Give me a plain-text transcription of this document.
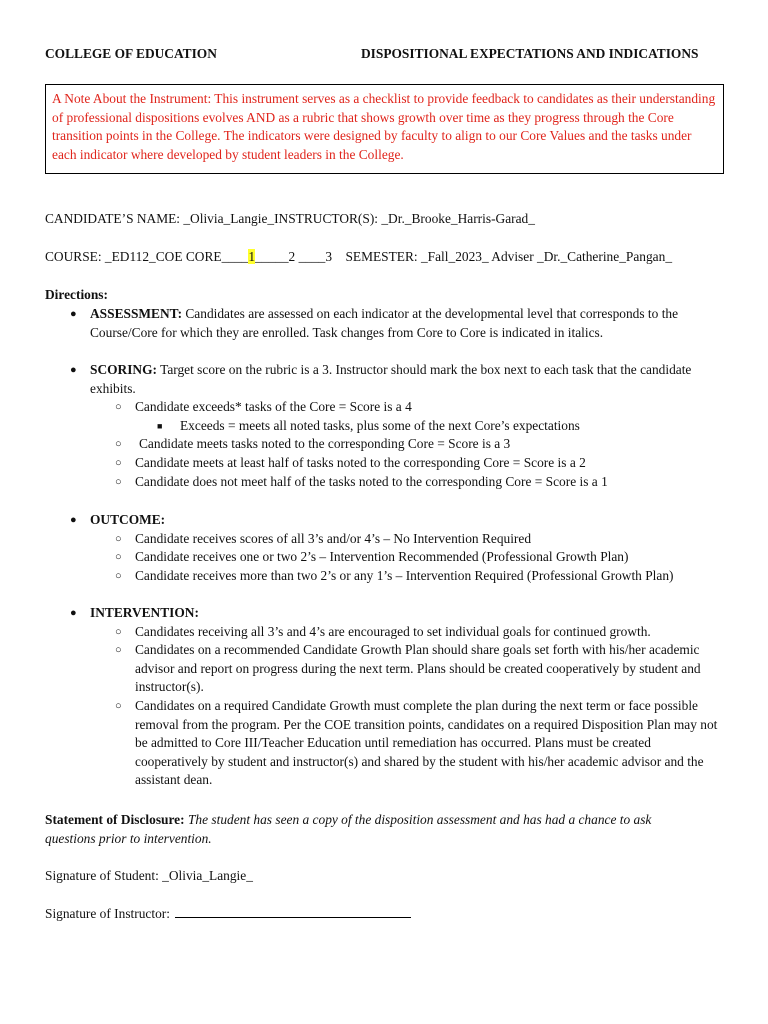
COLLEGE OF EDUCATION	DISPOSITIONAL EXPECTATIONS AND INDICATIONS
A Note About the Instrument: This instrument serves as a checklist to provide feedback to candidates as their understanding of professional dispositions evolves AND as a rubric that shows growth over time as they progress through the Core transition points in the College. The indicators were designed by faculty to align to our Core Values and the tasks under each indicator where developed by student leaders in the College.
CANDIDATE’S NAME: _Olivia_Langie_INSTRUCTOR(S): _Dr._Brooke_Harris-Garad_
COURSE: _ED112_COE CORE____1_____2 ____3    SEMESTER: _Fall_2023_ Adviser _Dr._Catherine_Pangan_
Directions:
● ASSESSMENT: Candidates are assessed on each indicator at the developmental level that corresponds to the Course/Core for which they are enrolled. Task changes from Core to Core is indicated in italics.
● SCORING: Target score on the rubric is a 3. Instructor should mark the box next to each task that the candidate exhibits.
○ Candidate exceeds* tasks of the Core = Score is a 4
■ Exceeds = meets all noted tasks, plus some of the next Core’s expectations
○ Candidate meets tasks noted to the corresponding Core = Score is a 3
○ Candidate meets at least half of tasks noted to the corresponding Core = Score is a 2
○ Candidate does not meet half of the tasks noted to the corresponding Core = Score is a 1
● OUTCOME:
○ Candidate receives scores of all 3’s and/or 4’s – No Intervention Required
○ Candidate receives one or two 2’s – Intervention Recommended (Professional Growth Plan)
○ Candidate receives more than two 2’s or any 1’s – Intervention Required (Professional Growth Plan)
● INTERVENTION:
○ Candidates receiving all 3’s and 4’s are encouraged to set individual goals for continued growth.
○ Candidates on a recommended Candidate Growth Plan should share goals set forth with his/her academic advisor and report on progress during the next term. Plans should be created cooperatively by student and instructor(s).
○ Candidates on a required Candidate Growth must complete the plan during the next term or face possible removal from the program. Per the COE transition points, candidates on a required Disposition Plan may not be admitted to Core III/Teacher Education until remediation has occurred. Plans must be created cooperatively by student and instructor(s) and shared by the student with his/her academic advisor and the assistant dean.
Statement of Disclosure: The student has seen a copy of the disposition assessment and has had a chance to ask questions prior to intervention.
Signature of Student: _Olivia_Langie_
Signature of Instructor:
